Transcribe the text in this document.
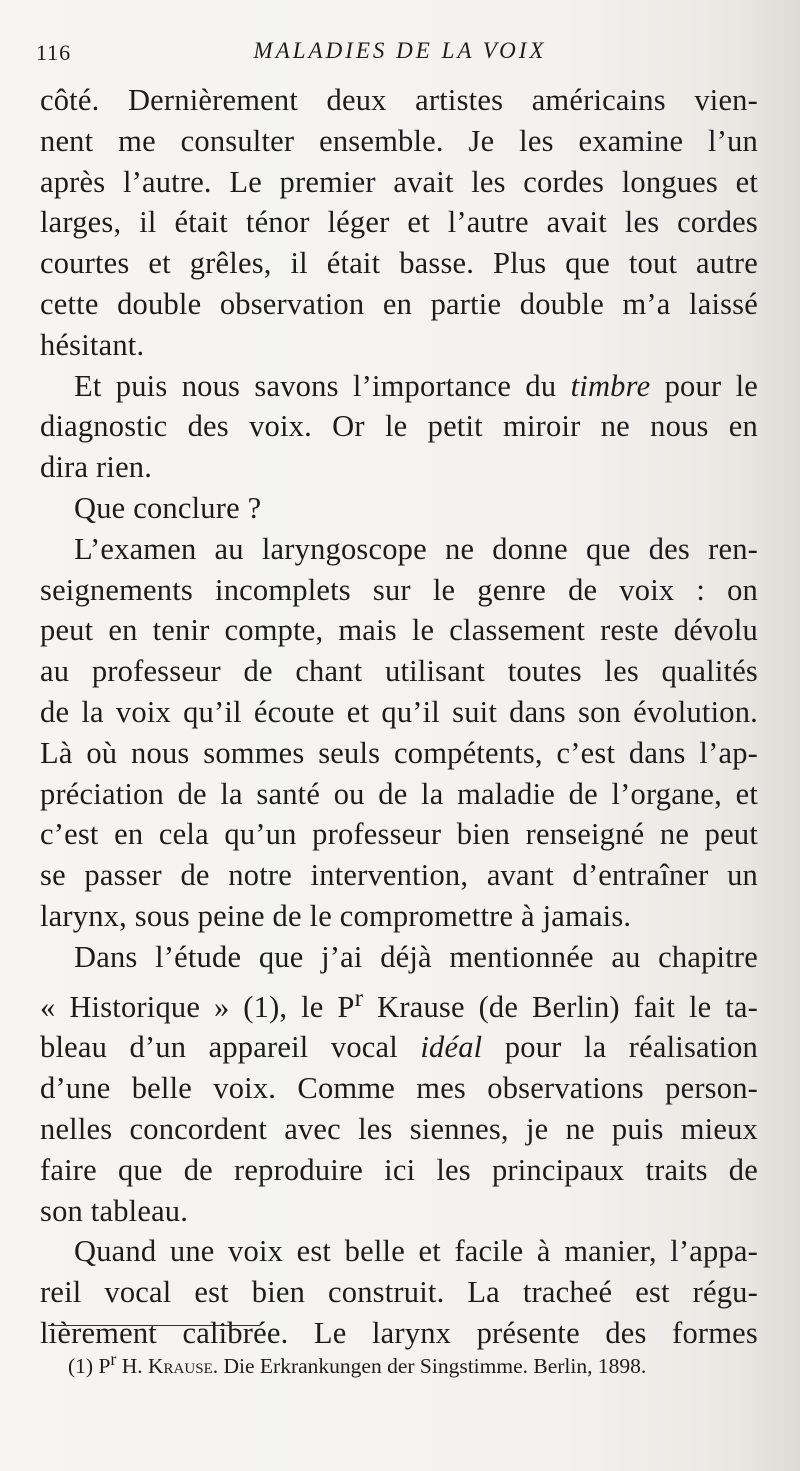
116	MALADIES DE LA VOIX
côté. Dernièrement deux artistes américains vien-
nent me consulter ensemble. Je les examine l’un
après l’autre. Le premier avait les cordes longues et
larges, il était ténor léger et l’autre avait les cordes
courtes et grêles, il était basse. Plus que tout autre
cette double observation en partie double m’a laissé
hésitant.
Et puis nous savons l’importance du timbre pour le
diagnostic des voix. Or le petit miroir ne nous en
dira rien.
Que conclure ?
L’examen au laryngoscope ne donne que des ren-
seignements incomplets sur le genre de voix : on
peut en tenir compte, mais le classement reste dévolu
au professeur de chant utilisant toutes les qualités
de la voix qu’il écoute et qu’il suit dans son évolution.
Là où nous sommes seuls compétents, c’est dans l’ap-
préciation de la santé ou de la maladie de l’organe, et
c’est en cela qu’un professeur bien renseigné ne peut
se passer de notre intervention, avant d’entraîner un
larynx, sous peine de le compromettre à jamais.
Dans l’étude que j’ai déjà mentionnée au chapitre
« Historique » (1), le $P^r$ Krause (de Berlin) fait le ta-
bleau d’un appareil vocal idéal pour la réalisation
d’une belle voix. Comme mes observations person-
nelles concordent avec les siennes, je ne puis mieux
faire que de reproduire ici les principaux traits de
son tableau.
Quand une voix est belle et facile à manier, l’appa-
reil vocal est bien construit. La tracheé est régu-
lièrement calibrée. Le larynx présente des formes
(1) $P^r$ H. Krause. Die Erkrankungen der Singstimme. Berlin, 1898.
